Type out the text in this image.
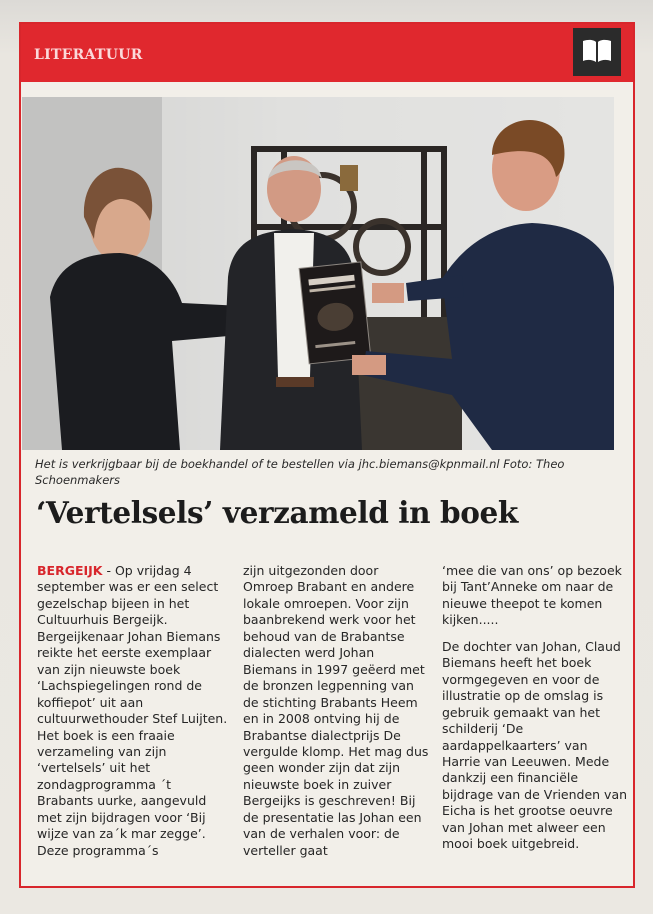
LITERATUUR
Het is verkrijgbaar bij de boekhandel of te bestellen via jhc.biemans@kpnmail.nl Foto: Theo Schoenmakers
‘Vertelsels’ verzameld in boek

BERGEIJK - Op vrijdag 4 september was er een select gezelschap bijeen in het Cultuurhuis Bergeijk. Bergeijkenaar Johan Biemans reikte het eerste exemplaar van zijn nieuwste boek ‘Lachspiegelingen rond de koffiepot’ uit aan cultuurwethouder Stef Luijten.

Het boek is een fraaie verzameling van zijn ‘vertelsels’ uit het zondagprogramma ´t Brabants uurke, aangevuld met zijn bijdragen voor ‘Bij wijze van za´k mar zegge’. Deze programma´s

zijn uitgezonden door Omroep Brabant en andere lokale omroepen. Voor zijn baanbrekend werk voor het behoud van de Brabantse dialecten werd Johan Biemans in 1997 geëerd met de bronzen legpenning van de stichting Brabants Heem en in 2008 ontving hij de Brabantse dialectprijs De vergulde klomp. Het mag dus geen wonder zijn dat zijn nieuwste boek in zuiver Bergeijks is geschreven! Bij de presentatie las Johan een van de verhalen voor: de verteller gaat

‘mee die van ons’ op bezoek bij Tant’Anneke om naar de nieuwe theepot te komen kijken.....

De dochter van Johan, Claud Biemans heeft het boek vormgegeven en voor de illustratie op de omslag is gebruik gemaakt van het schilderij ‘De aardappelkaarters’ van Harrie van Leeuwen. Mede dankzij een financiële bijdrage van de Vrienden van Eicha is het grootse oeuvre van Johan met alweer een mooi boek uitgebreid.
